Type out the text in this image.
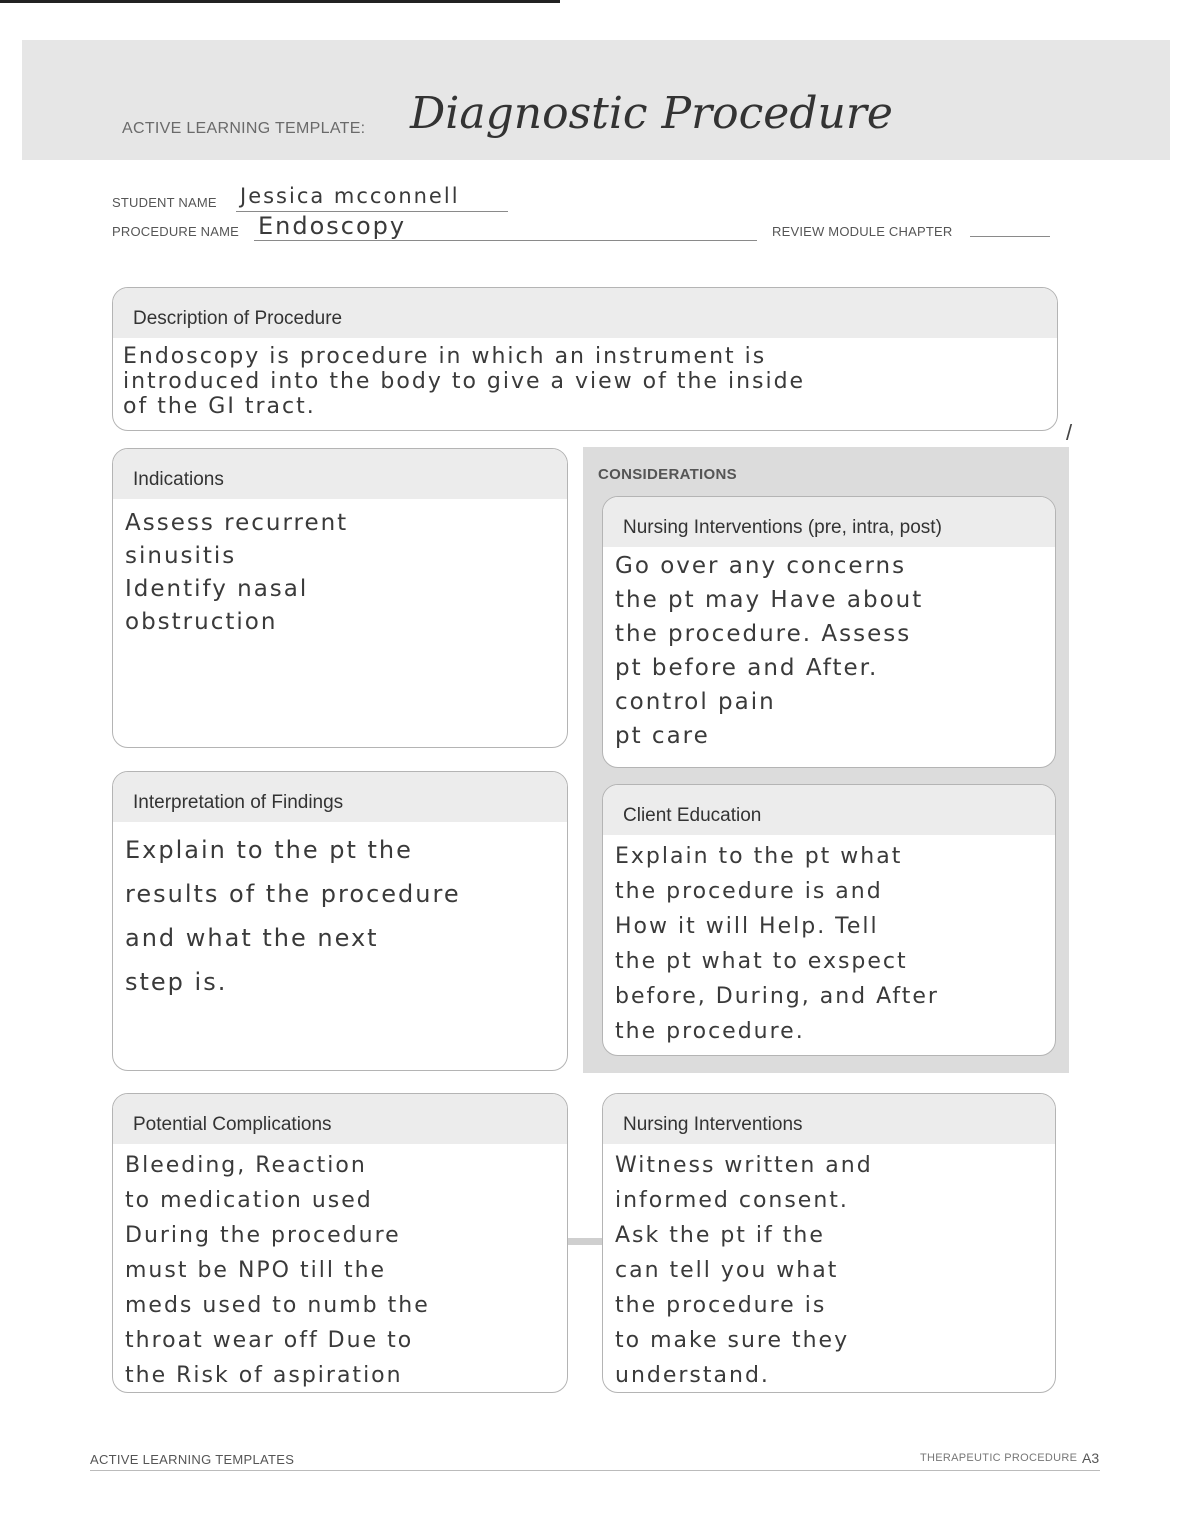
ACTIVE LEARNING TEMPLATE: Diagnostic Procedure
STUDENT NAME Jessica mcconnell
PROCEDURE NAME Endoscopy	REVIEW MODULE CHAPTER
Description of Procedure
Endoscopy is procedure in which an instrument is
introduced into the body to give a view of the inside
of the GI tract.
/
CONSIDERATIONS
Indications
Assess recurrent
sinusitis
Identify nasal
obstruction
Nursing Interventions (pre, intra, post)
Go over any concerns
the pt may Have about
the procedure. Assess
pt before and After.
control pain
pt care
Interpretation of Findings
Explain to the pt the
results of the procedure
and what the next
step is.
Client Education
Explain to the pt what
the procedure is and
How it will Help. Tell
the pt what to exspect
before, During, and After
the procedure.
Potential Complications
Bleeding, Reaction
to medication used
During the procedure
must be NPO till the
meds used to numb the
throat wear off Due to
the Risk of aspiration
Nursing Interventions
Witness written and
informed consent.
Ask the pt if the
can tell you what
the procedure is
to make sure they
understand.
ACTIVE LEARNING TEMPLATES	THERAPEUTIC PROCEDURE A3
